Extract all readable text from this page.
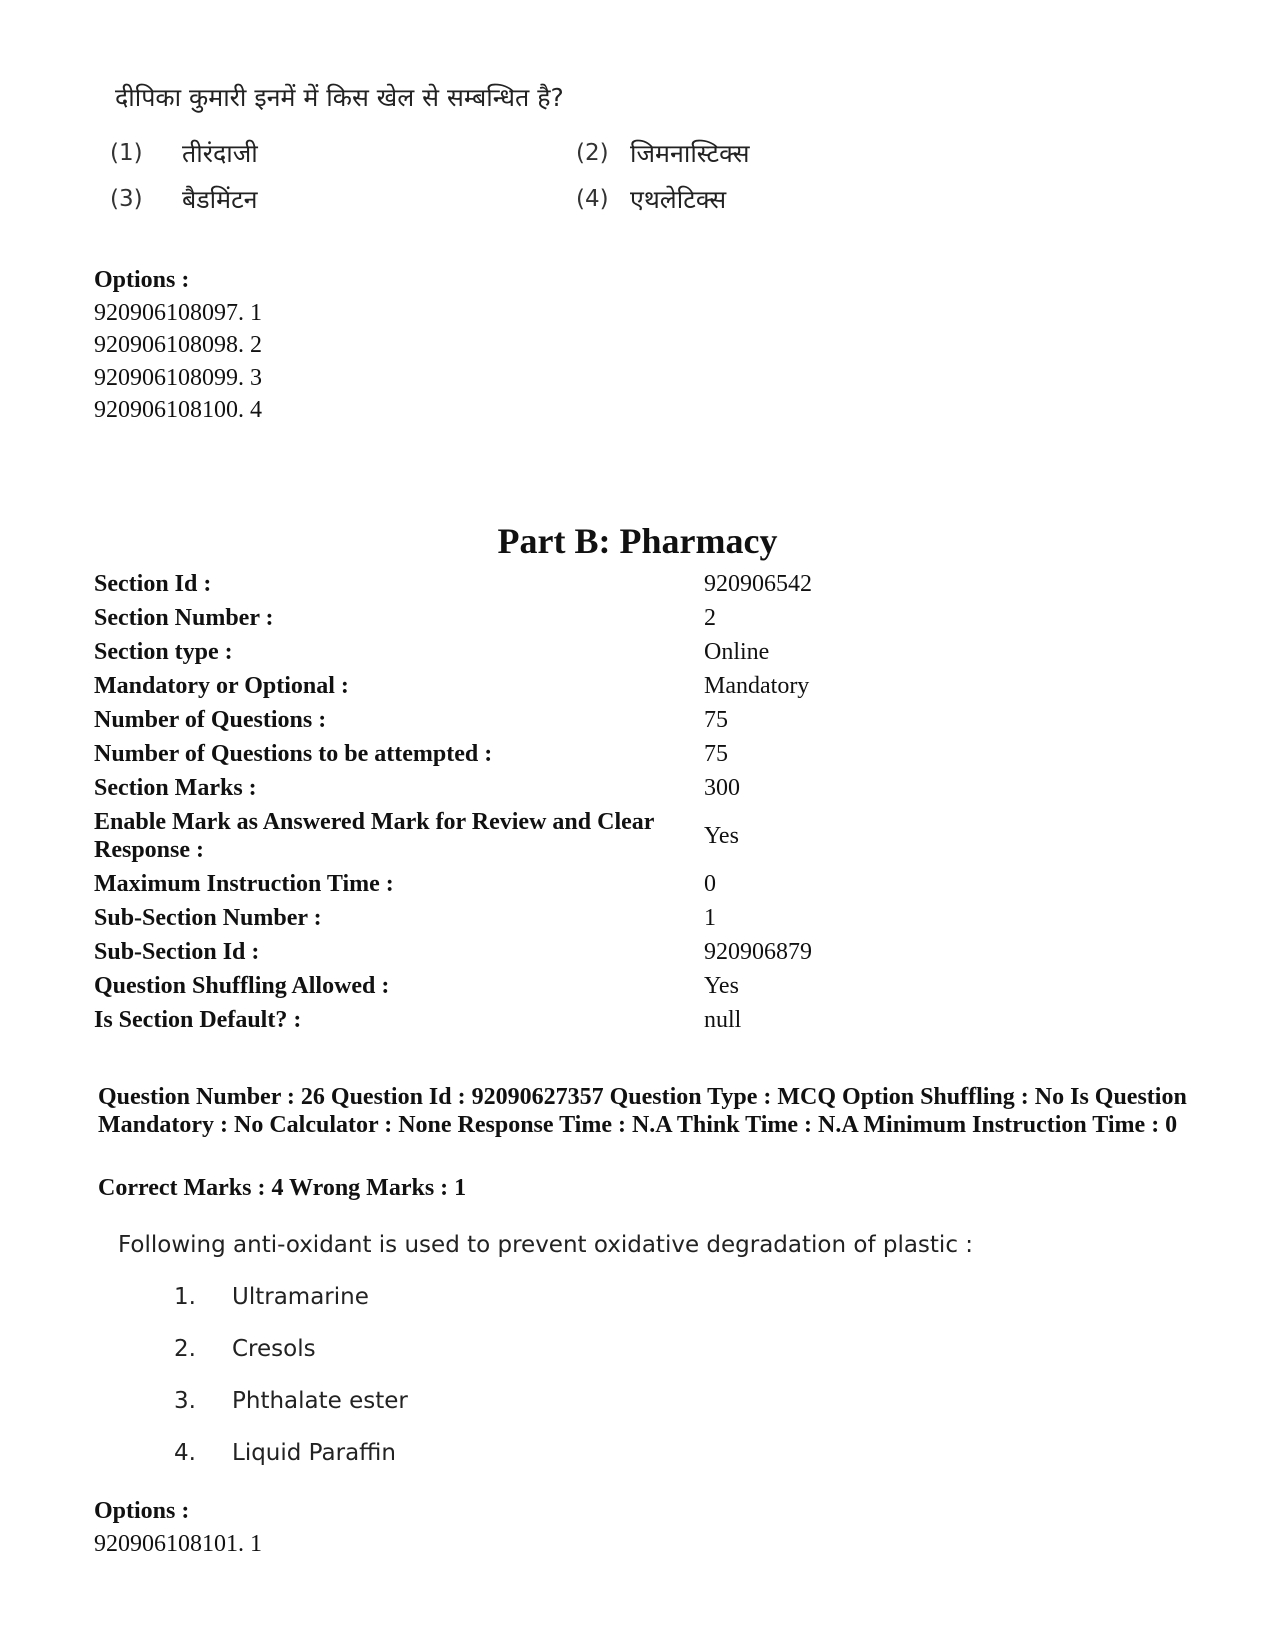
दीपिका कुमारी इनमें में किस खेल से सम्बन्धित है?
(1) तीरंदाजी	(2) जिमनास्टिक्स
(3) बैडमिंटन	(4) एथलेटिक्स
Options :
920906108097. 1
920906108098. 2
920906108099. 3
920906108100. 4
Part B: Pharmacy
Section Id :	920906542
Section Number :	2
Section type :	Online
Mandatory or Optional :	Mandatory
Number of Questions :	75
Number of Questions to be attempted :	75
Section Marks :	300
Enable Mark as Answered Mark for Review and Clear Response :
Yes
Maximum Instruction Time :	0
Sub-Section Number :	1
Sub-Section Id :	920906879
Question Shuffling Allowed :	Yes
Is Section Default? :	null
Question Number : 26 Question Id : 92090627357 Question Type : MCQ Option Shuffling : No Is Question Mandatory : No Calculator : None Response Time : N.A Think Time : N.A Minimum Instruction Time : 0
Correct Marks : 4 Wrong Marks : 1
Following anti-oxidant is used to prevent oxidative degradation of plastic :
1. Ultramarine
2. Cresols
3. Phthalate ester
4. Liquid Paraffin
Options :
920906108101. 1
